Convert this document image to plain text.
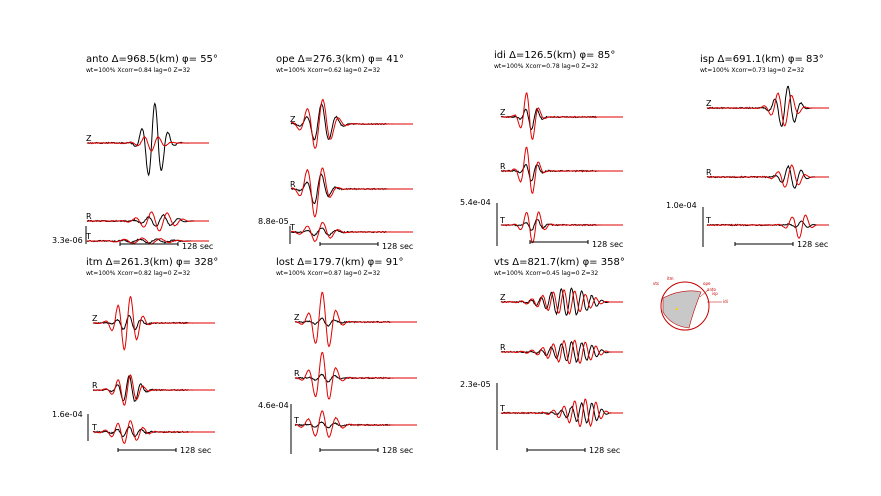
anto Δ=968.5(km) φ= 55°
wt=100% Xcorr=0.84 lag=0 Z=32
Z
R
T
3.3e-06
128 sec
ope Δ=276.3(km) φ= 41°
wt=100% Xcorr=0.62 lag=0 Z=32
Z
R
T
8.8e-05
128 sec
idi Δ=126.5(km) φ= 85°
wt=100% Xcorr=0.78 lag=0 Z=32
Z
R
T
5.4e-04
128 sec
isp Δ=691.1(km) φ= 83°
wt=100% Xcorr=0.73 lag=0 Z=32
Z
R
T
1.0e-04
128 sec
itm Δ=261.3(km) φ= 328°
wt=100% Xcorr=0.82 lag=0 Z=32
Z
R
T
1.6e-04
128 sec
lost Δ=179.7(km) φ= 91°
wt=100% Xcorr=0.87 lag=0 Z=32
Z
R
T
4.6e-04
128 sec
vts Δ=821.7(km) φ= 358°
wt=100% Xcorr=0.45 lag=0 Z=32
Z
R
T
2.3e-05
128 sec
vts
itm
anto
ope
isp
idi
